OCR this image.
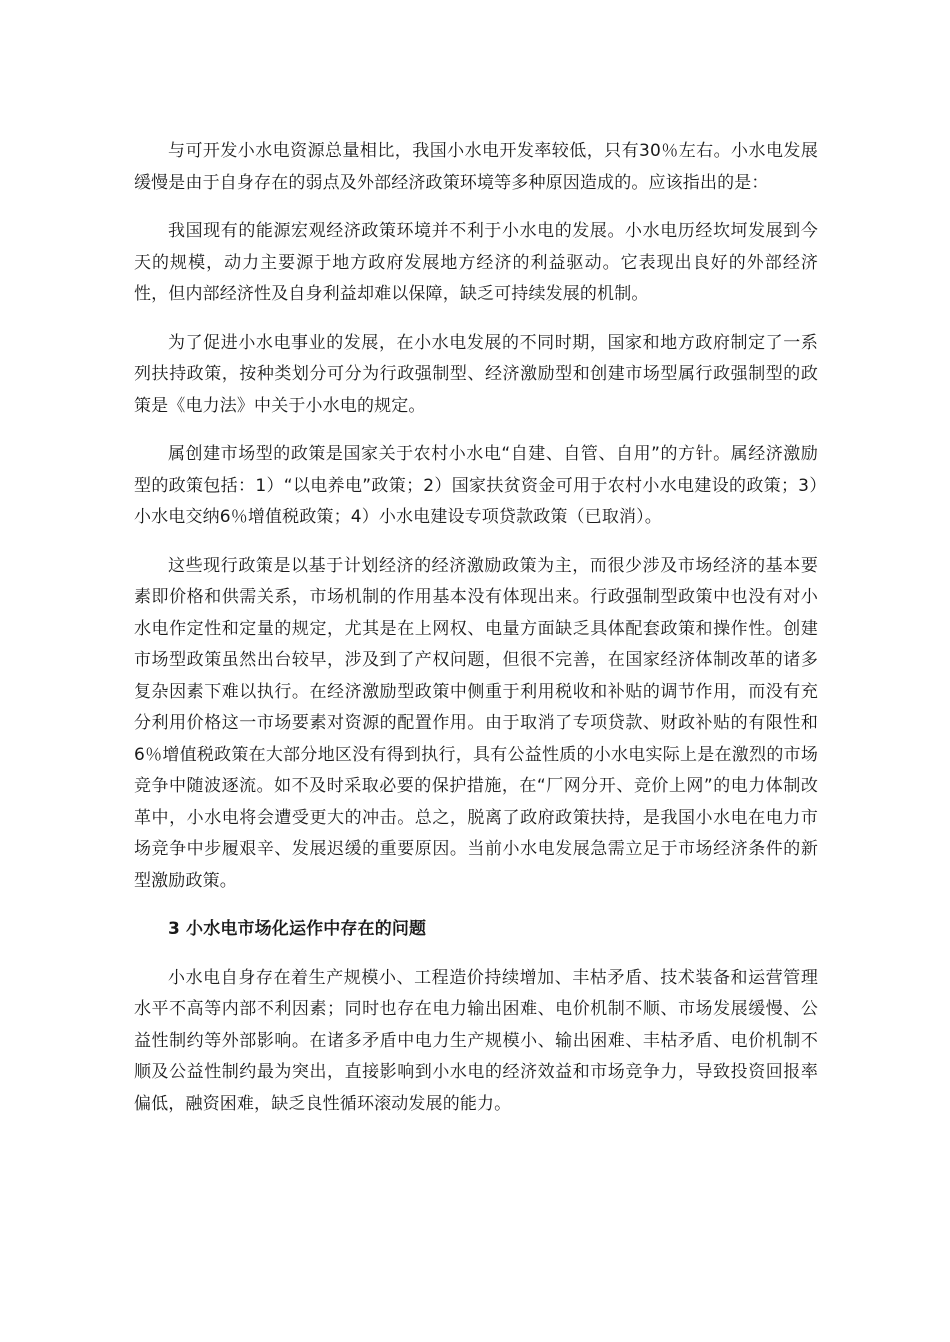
与可开发小水电资源总量相比，我国小水电开发率较低，只有30％左右。小水电发展缓慢是由于自身存在的弱点及外部经济政策环境等多种原因造成的。应该指出的是：

我国现有的能源宏观经济政策环境并不利于小水电的发展。小水电历经坎坷发展到今天的规模，动力主要源于地方政府发展地方经济的利益驱动。它表现出良好的外部经济性，但内部经济性及自身利益却难以保障，缺乏可持续发展的机制。

为了促进小水电事业的发展，在小水电发展的不同时期，国家和地方政府制定了一系列扶持政策，按种类划分可分为行政强制型、经济激励型和创建市场型属行政强制型的政策是《电力法》中关于小水电的规定。

属创建市场型的政策是国家关于农村小水电“自建、自管、自用”的方针。属经济激励型的政策包括：1）“以电养电”政策；2）国家扶贫资金可用于农村小水电建设的政策；3）小水电交纳6％增值税政策；4）小水电建设专项贷款政策（已取消）。

这些现行政策是以基于计划经济的经济激励政策为主，而很少涉及市场经济的基本要素即价格和供需关系，市场机制的作用基本没有体现出来。行政强制型政策中也没有对小水电作定性和定量的规定，尤其是在上网权、电量方面缺乏具体配套政策和操作性。创建市场型政策虽然出台较早，涉及到了产权问题，但很不完善，在国家经济体制改革的诸多复杂因素下难以执行。在经济激励型政策中侧重于利用税收和补贴的调节作用，而没有充分利用价格这一市场要素对资源的配置作用。由于取消了专项贷款、财政补贴的有限性和6％增值税政策在大部分地区没有得到执行，具有公益性质的小水电实际上是在激烈的市场竞争中随波逐流。如不及时采取必要的保护措施，在“厂网分开、竞价上网”的电力体制改革中，小水电将会遭受更大的冲击。总之，脱离了政府政策扶持，是我国小水电在电力市场竞争中步履艰辛、发展迟缓的重要原因。当前小水电发展急需立足于市场经济条件的新型激励政策。

3 小水电市场化运作中存在的问题

小水电自身存在着生产规模小、工程造价持续增加、丰枯矛盾、技术装备和运营管理水平不高等内部不利因素；同时也存在电力输出困难、电价机制不顺、市场发展缓慢、公益性制约等外部影响。在诸多矛盾中电力生产规模小、输出困难、丰枯矛盾、电价机制不顺及公益性制约最为突出，直接影响到小水电的经济效益和市场竞争力，导致投资回报率偏低，融资困难，缺乏良性循环滚动发展的能力。
